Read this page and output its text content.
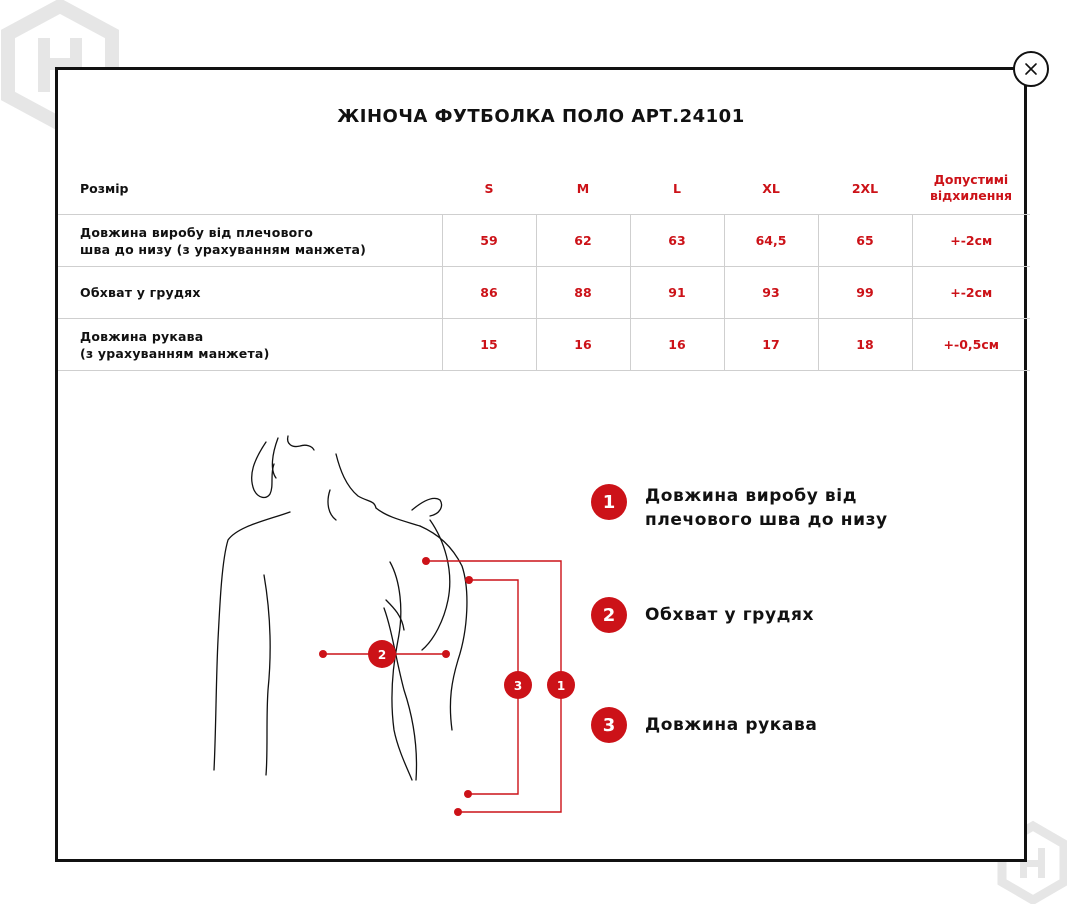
ЖІНОЧА ФУТБОЛКА ПОЛО АРТ.24101
Розмір	S	M	L	XL	2XL	Допустимі відхилення

Довжина виробу від плечового
шва до низу (з урахуванням манжета)	59	62	63	64,5	65	+-2см
Обхват у грудях	86	88	91	93	99	+-2см

Довжина рукава
(з урахуванням манжета)	15	16	16	17	18	+-0,5см
2
3	1
1	Довжина виробу від
плечового шва до низу
2	Обхват у грудях
3	Довжина рукава
